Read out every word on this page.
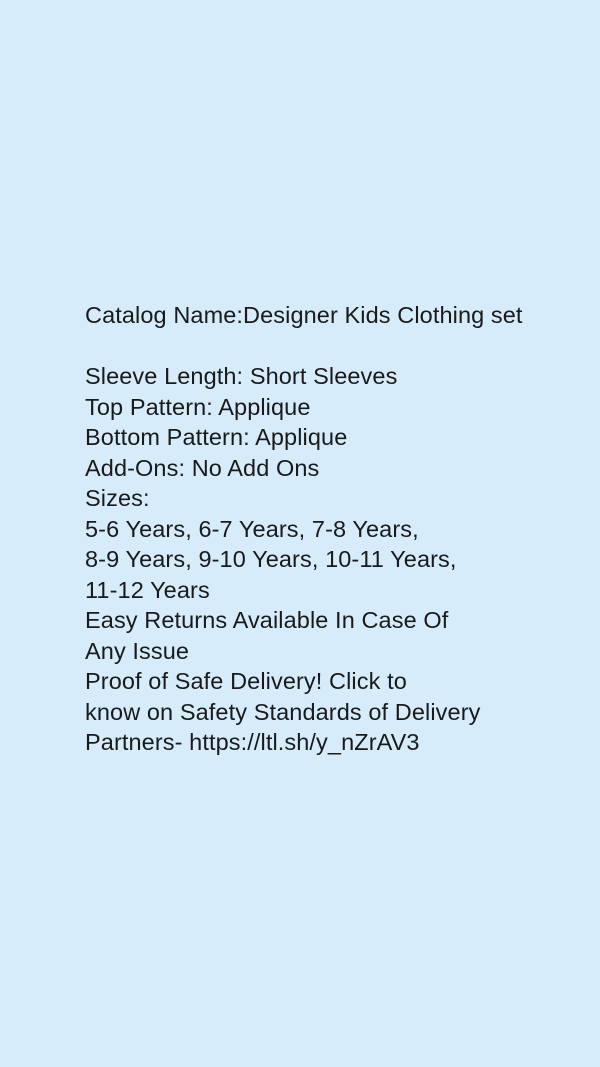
Catalog Name:Designer Kids Clothing set

Sleeve Length: Short Sleeves
Top Pattern: Applique
Bottom Pattern: Applique
Add-Ons: No Add Ons
Sizes:
5-6 Years, 6-7 Years, 7-8 Years,
8-9 Years, 9-10 Years, 10-11 Years,
11-12 Years
Easy Returns Available In Case Of
Any Issue
Proof of Safe Delivery! Click to
know on Safety Standards of Delivery
Partners- https://ltl.sh/y_nZrAV3
